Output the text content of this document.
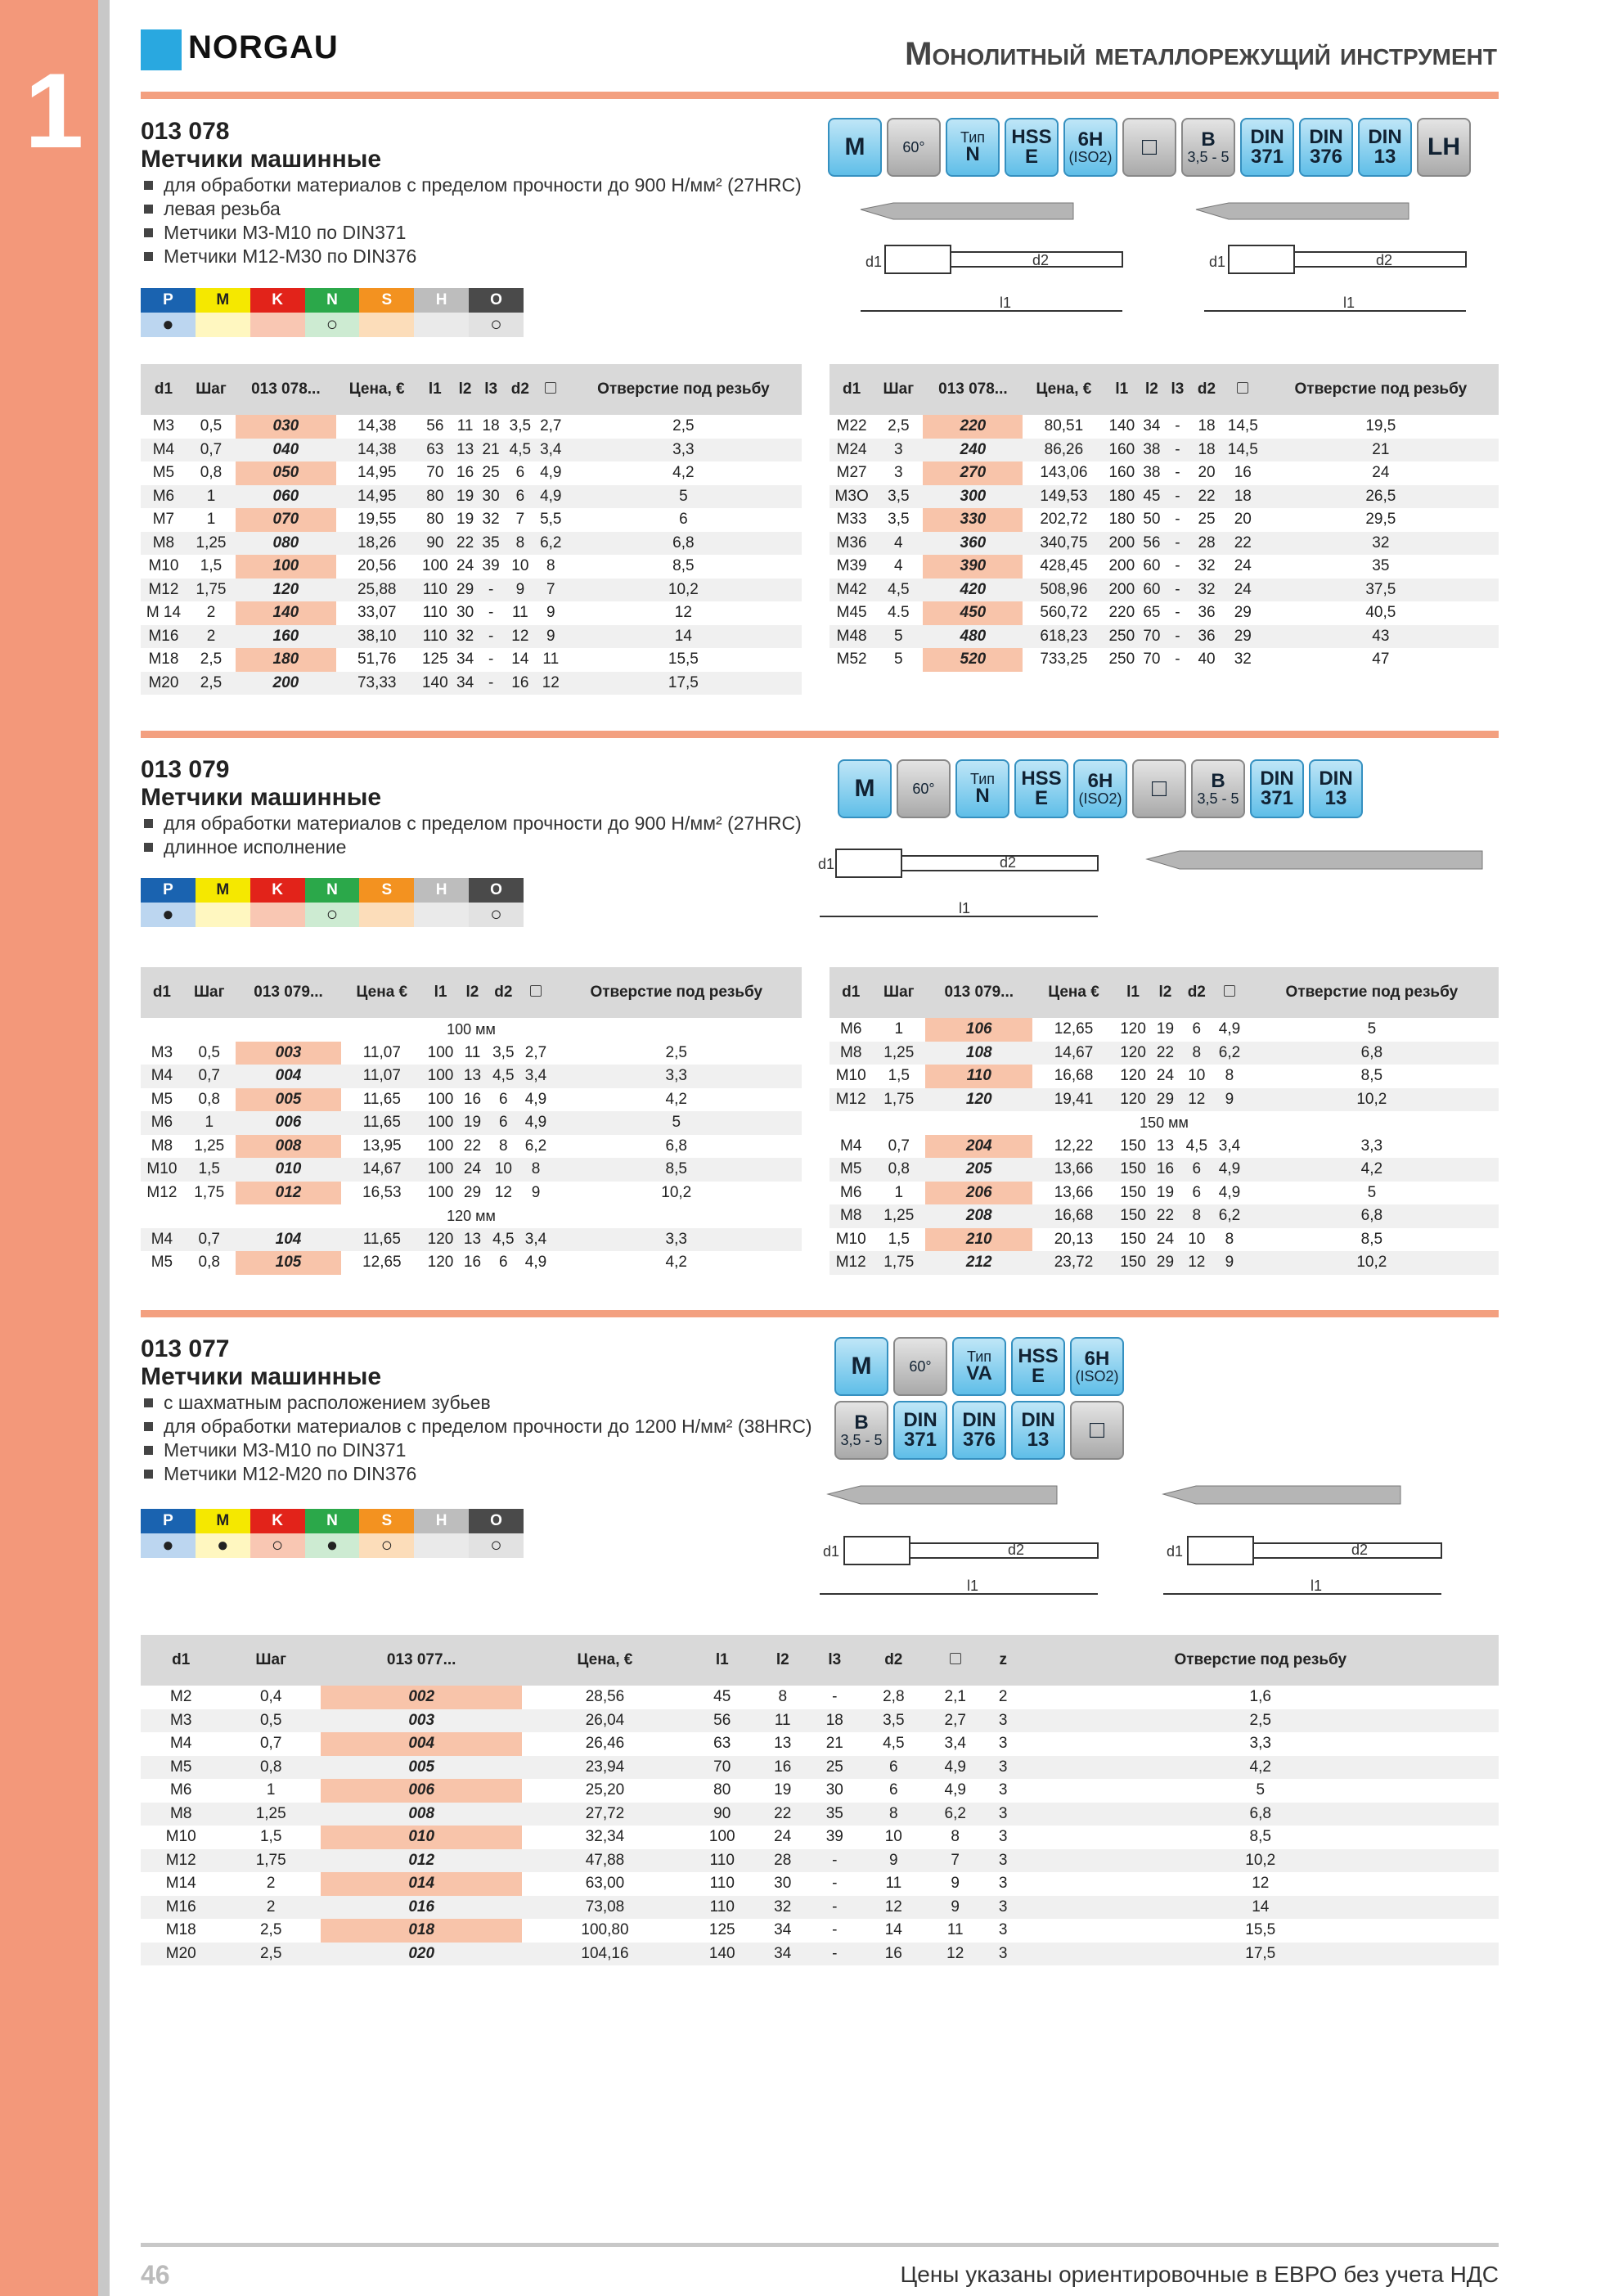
1
NORGAU	Монолитный металлорежущий инструмент
013 078
Метчики машинные
для обработки материалов с пределом прочности до 900 Н/мм² (27HRC)
левая резьба
Метчики М3-М10 по DIN371
Метчики М12-М30 по DIN376
P	M	K	N	S	H	O
●			○			○
М	60°
Тип
N
HSS
E
6H
(ISO2) □ B
3,5 - 5
DIN
371
DIN
376
DIN
13 LH
d1	d2
l1
d1	d2
l1
d1	Шаг	013 078...	Цена, €	l1	l2	l3	d2		Отверстие под резьбу
M3	0,5	030	14,38	56	11	18	3,5	2,7	2,5
M4	0,7	040	14,38	63	13	21	4,5	3,4	3,3
M5	0,8	050	14,95	70	16	25	6	4,9	4,2
M6	1	060	14,95	80	19	30	6	4,9	5
M7	1	070	19,55	80	19	32	7	5,5	6
M8	1,25	080	18,26	90	22	35	8	6,2	6,8
M10	1,5	100	20,56	100	24	39	10	8	8,5
M12	1,75	120	25,88	110	29	-	9	7	10,2
M 14	2	140	33,07	110	30	-	11	9	12
M16	2	160	38,10	110	32	-	12	9	14
M18	2,5	180	51,76	125	34	-	14	11	15,5
M20	2,5	200	73,33	140	34	-	16	12	17,5
d1	Шаг	013 078...	Цена, €	l1	l2	l3	d2		Отверстие под резьбу
M22	2,5	220	80,51	140	34	-	18	14,5	19,5
M24	3	240	86,26	160	38	-	18	14,5	21
M27	3	270	143,06	160	38	-	20	16	24
M3O	3,5	300	149,53	180	45	-	22	18	26,5
M33	3,5	330	202,72	180	50	-	25	20	29,5
M36	4	360	340,75	200	56	-	28	22	32
M39	4	390	428,45	200	60	-	32	24	35
M42	4,5	420	508,96	200	60	-	32	24	37,5
M45	4.5	450	560,72	220	65	-	36	29	40,5
M48	5	480	618,23	250	70	-	36	29	43
M52	5	520	733,25	250	70	-	40	32	47
013 079
Метчики машинные
для обработки материалов с пределом прочности до 900 Н/мм² (27HRC)
длинное исполнение
P	M	K	N	S	H	O
●			○			○
М	60°
Тип
N
HSS
E
6H
(ISO2) □ B
3,5 - 5
DIN
371
DIN
13
d1	d2
l1
d1	Шаг	013 079...	Цена €	l1	l2	d2		Отверстие под резьбу
100 мм								
M3	0,5	003	11,07	100	11	3,5	2,7	2,5
M4	0,7	004	11,07	100	13	4,5	3,4	3,3
M5	0,8	005	11,65	100	16	6	4,9	4,2
M6	1	006	11,65	100	19	6	4,9	5
M8	1,25	008	13,95	100	22	8	6,2	6,8
M10	1,5	010	14,67	100	24	10	8	8,5
M12	1,75	012	16,53	100	29	12	9	10,2
120 мм								
M4	0,7	104	11,65	120	13	4,5	3,4	3,3
M5	0,8	105	12,65	120	16	6	4,9	4,2
d1	Шаг	013 079...	Цена €	l1	l2	d2		Отверстие под резьбу
M6	1	106	12,65	120	19	6	4,9	5
M8	1,25	108	14,67	120	22	8	6,2	6,8
M10	1,5	110	16,68	120	24	10	8	8,5
M12	1,75	120	19,41	120	29	12	9	10,2
150 мм								
M4	0,7	204	12,22	150	13	4,5	3,4	3,3
M5	0,8	205	13,66	150	16	6	4,9	4,2
M6	1	206	13,66	150	19	6	4,9	5
M8	1,25	208	16,68	150	22	8	6,2	6,8
M10	1,5	210	20,13	150	24	10	8	8,5
M12	1,75	212	23,72	150	29	12	9	10,2
013 077
Метчики машинные
с шахматным расположением зубьев
для обработки материалов с пределом прочности до 1200 Н/мм² (38HRC)
Метчики М3-М10 по DIN371
Метчики М12-М20 по DIN376
P	M	K	N	S	H	O
●	●	○	●	○		○
М	60°
Тип
VA
HSS
E
6H
(ISO2)
B
3,5 - 5
DIN
371
DIN
376
DIN
13 □
d1	d2
l1
d1	d2
l1
d1	Шаг	013 077...	Цена, €	l1	l2	l3	d2		z	Отверстие под резьбу
M2	0,4	002	28,56	45	8	-	2,8	2,1	2	1,6
M3	0,5	003	26,04	56	11	18	3,5	2,7	3	2,5
M4	0,7	004	26,46	63	13	21	4,5	3,4	3	3,3
M5	0,8	005	23,94	70	16	25	6	4,9	3	4,2
M6	1	006	25,20	80	19	30	6	4,9	3	5
M8	1,25	008	27,72	90	22	35	8	6,2	3	6,8
M10	1,5	010	32,34	100	24	39	10	8	3	8,5
M12	1,75	012	47,88	110	28	-	9	7	3	10,2
M14	2	014	63,00	110	30	-	11	9	3	12
M16	2	016	73,08	110	32	-	12	9	3	14
M18	2,5	018	100,80	125	34	-	14	11	3	15,5
M20	2,5	020	104,16	140	34	-	16	12	3	17,5
46	Цены указаны ориентировочные в ЕВРО без учета НДС
